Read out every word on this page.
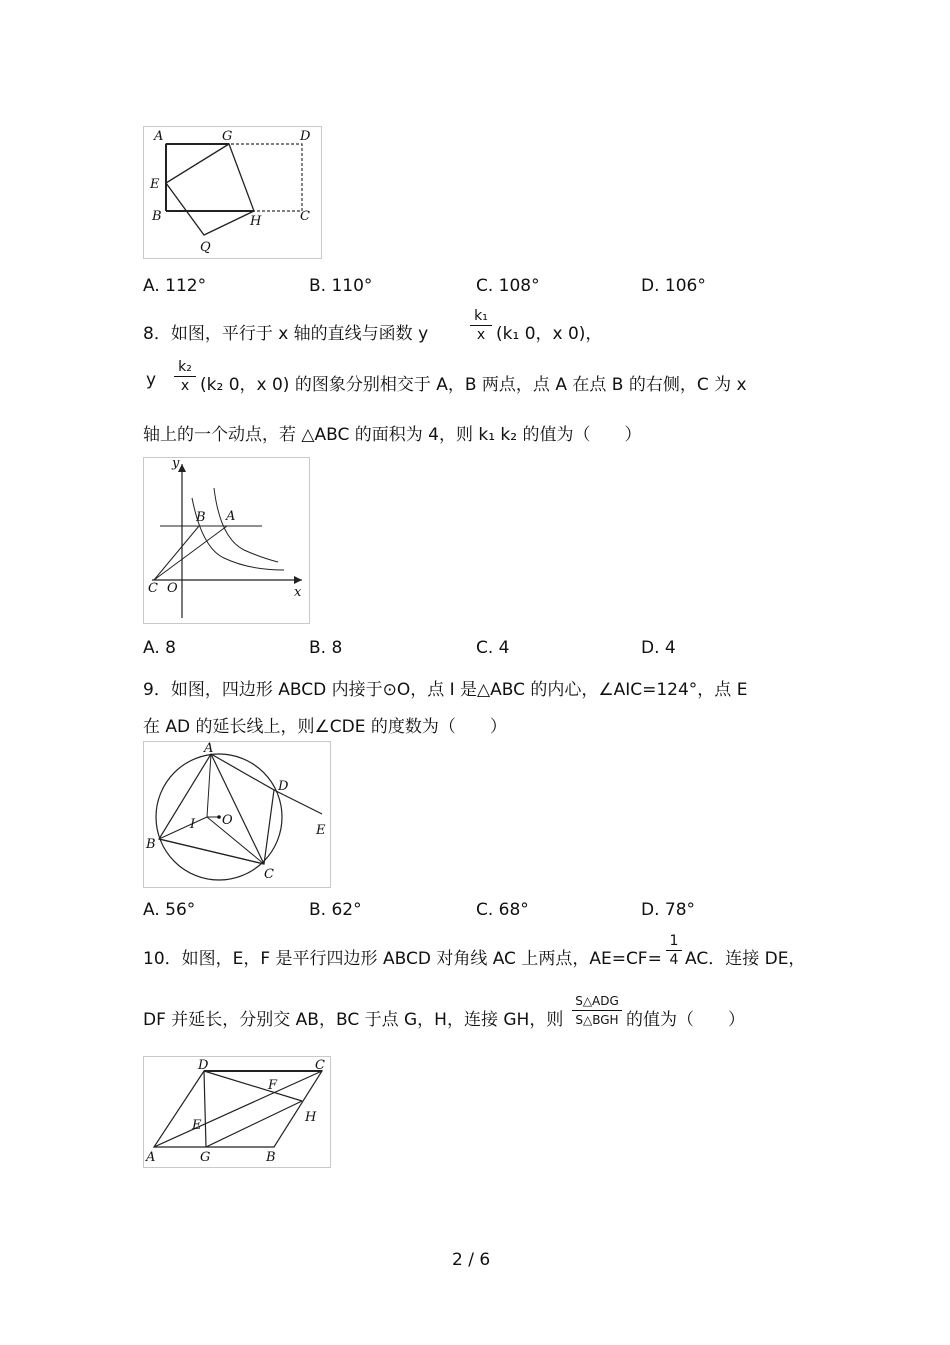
A	G	D
E
B	H	C
Q
A. 112°	B. 110°	C. 108°	D. 106°
8．如图，平行于 x 轴的直线与函数 y
k₁
x (k₁ 0，x 0)，
y
k₂
x (k₂ 0，x 0) 的图象分别相交于 A，B 两点，点 A 在点 B 的右侧，C 为 x
轴上的一个动点，若 △ABC 的面积为 4，则 k₁ k₂ 的值为（　　）
y
B A
C O	x
A. 8	B. 8	C. 4	D. 4
9．如图，四边形 ABCD 内接于⊙O，点 I 是△ABC 的内心，∠AIC=124°，点 E
在 AD 的延长线上，则∠CDE 的度数为（　　）
A
D
I O
E
B
C
A. 56°	B. 62°	C. 68°	D. 78°
10．如图，E，F 是平行四边形 ABCD 对角线 AC 上两点，AE=CF=
1
4 AC．连接 DE，
DF 并延长，分别交 AB，BC 于点 G，H，连接 GH，则
S△ADG
S△BGH 的值为（　　）
D	C
F
H
E
A	G	B
2 / 6
